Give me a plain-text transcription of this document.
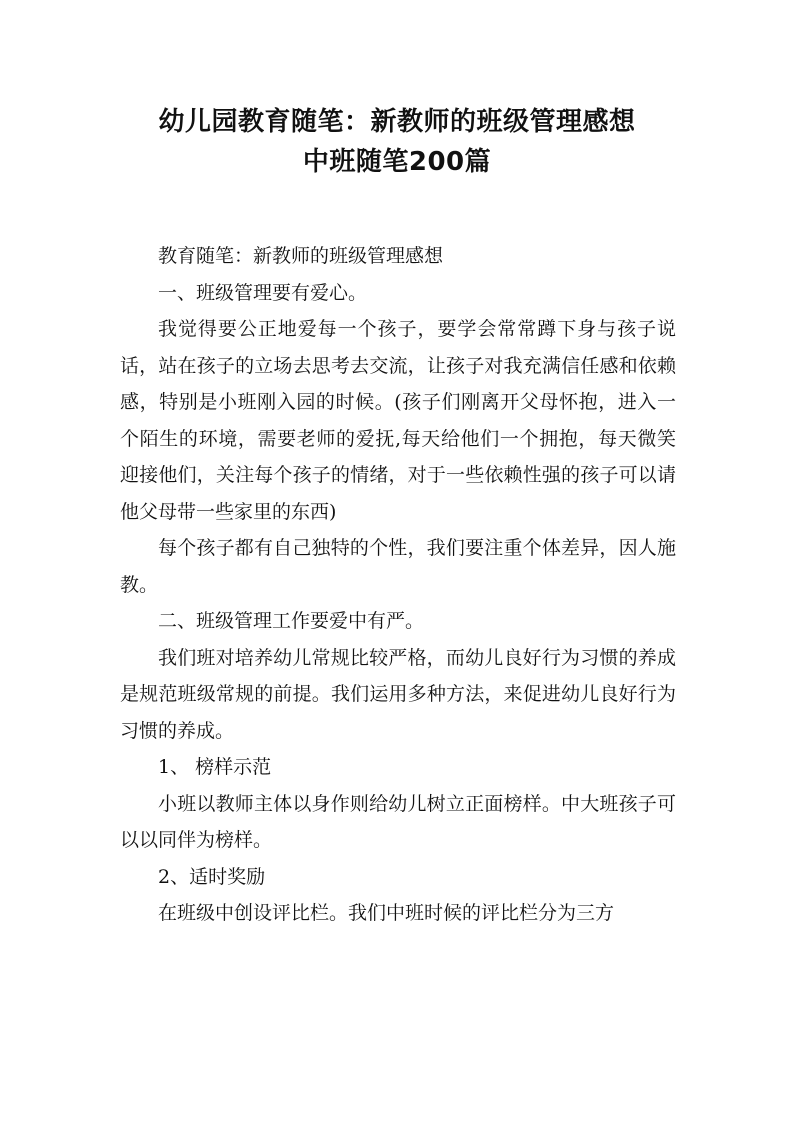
幼儿园教育随笔：新教师的班级管理感想
中班随笔200篇

教育随笔：新教师的班级管理感想

一、班级管理要有爱心。

我觉得要公正地爱每一个孩子，要学会常常蹲下身与孩子说话，站在孩子的立场去思考去交流，让孩子对我充满信任感和依赖感，特别是小班刚入园的时候。(孩子们刚离开父母怀抱，进入一个陌生的环境，需要老师的爱抚,每天给他们一个拥抱，每天微笑迎接他们，关注每个孩子的情绪，对于一些依赖性强的孩子可以请他父母带一些家里的东西)

每个孩子都有自己独特的个性，我们要注重个体差异，因人施教。

二、班级管理工作要爱中有严。

我们班对培养幼儿常规比较严格，而幼儿良好行为习惯的养成是规范班级常规的前提。我们运用多种方法，来促进幼儿良好行为习惯的养成。

1、 榜样示范

小班以教师主体以身作则给幼儿树立正面榜样。中大班孩子可以以同伴为榜样。

2、适时奖励

在班级中创设评比栏。我们中班时候的评比栏分为三方
